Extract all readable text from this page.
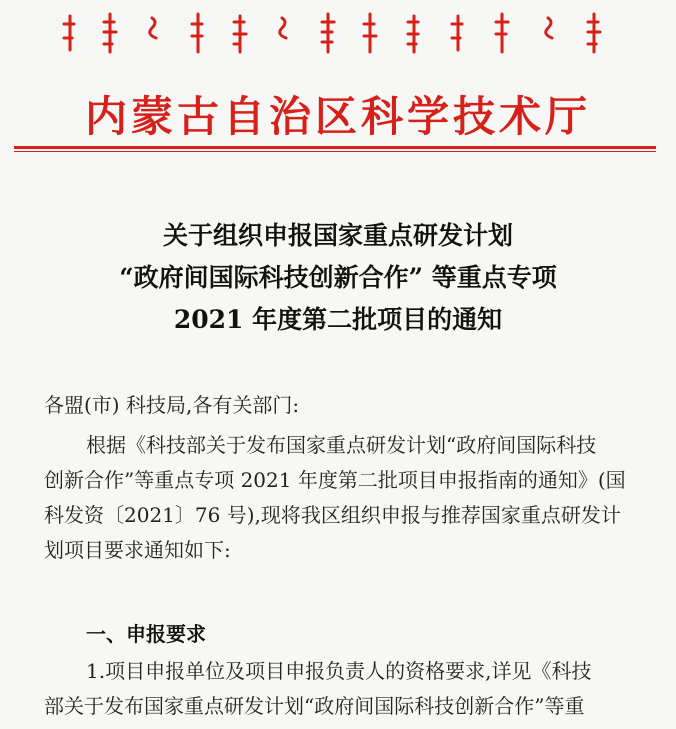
内蒙古自治区科学技术厅
关于组织申报国家重点研发计划
“政府间国际科技创新合作” 等重点专项
2021 年度第二批项目的通知
各盟(市) 科技局,各有关部门:
根据《科技部关于发布国家重点研发计划“政府间国际科技
创新合作”等重点专项 2021 年度第二批项目申报指南的通知》(国
科发资〔2021〕76 号),现将我区组织申报与推荐国家重点研发计
划项目要求通知如下:
一、申报要求
1.项目申报单位及项目申报负责人的资格要求,详见《科技
部关于发布国家重点研发计划“政府间国际科技创新合作”等重
